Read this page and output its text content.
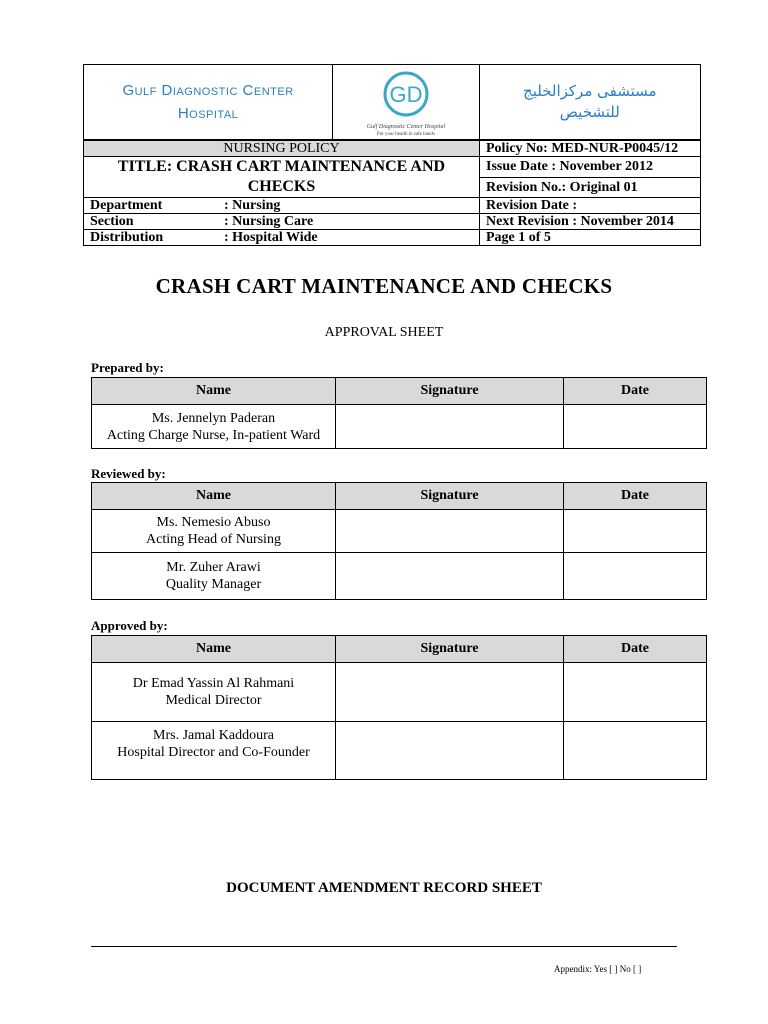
Gulf Diagnostic Center
Hospital

GD
Gulf Diagnostic Center Hospital
Put your health in safe hands

مستشفى مركزالخليج
للتشخيص
NURSING POLICY		Policy No: MED-NUR-P0045/12
TITLE: CRASH CART MAINTENANCE AND CHECKS		Issue Date : November 2012
		Revision No.: Original 01
Department	: Nursing	Revision Date :
Section	: Nursing Care	Next Revision : November 2014
Distribution	: Hospital Wide	Page 1 of 5
CRASH CART MAINTENANCE AND CHECKS
APPROVAL SHEET
Prepared by:
Name	Signature	Date

Ms. Jennelyn Paderan
Acting Charge Nurse, In-patient Ward		

Reviewed by:
Name	Signature	Date

Ms. Nemesio Abuso
Acting Head of Nursing		

Mr. Zuher Arawi
Quality Manager		

Approved by:
Name	Signature	Date

Dr Emad Yassin Al Rahmani
Medical Director		

Mrs. Jamal Kaddoura
Hospital Director and Co-Founder		

DOCUMENT AMENDMENT RECORD SHEET
Appendix: Yes [ ] No [ ]
